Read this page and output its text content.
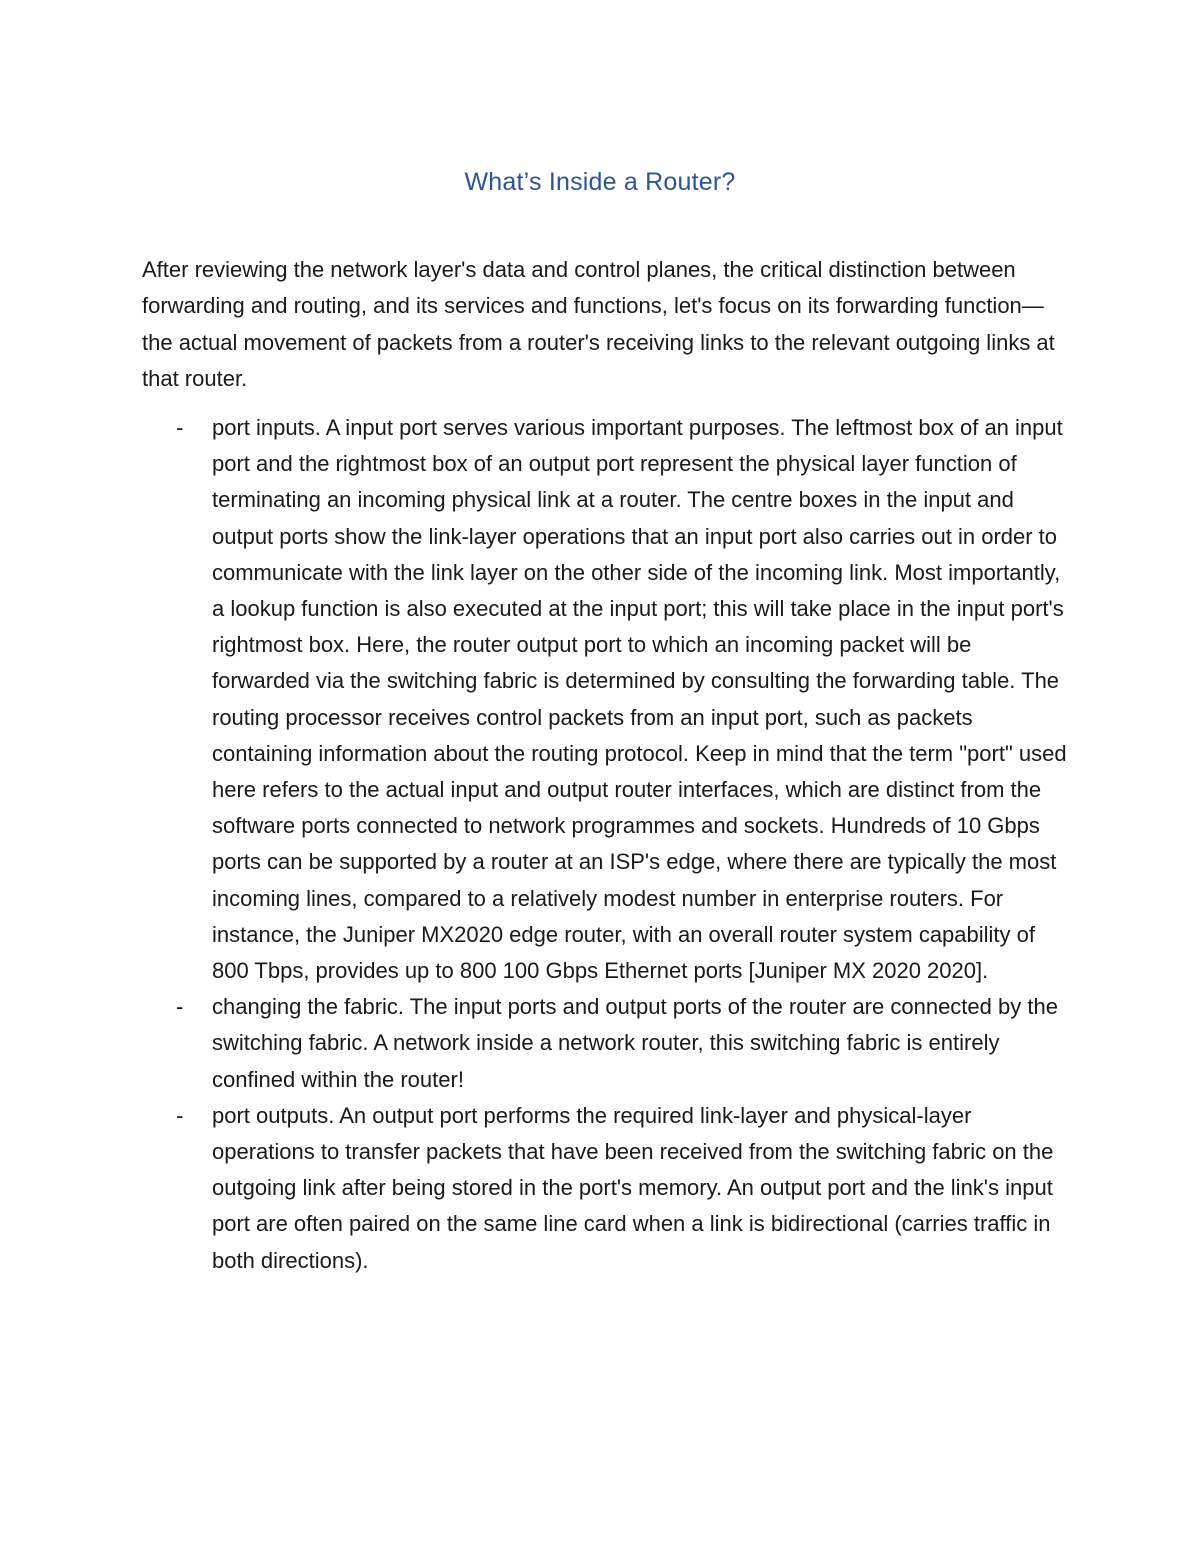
What’s Inside a Router?

After reviewing the network layer's data and control planes, the critical distinction between forwarding and routing, and its services and functions, let's focus on its forwarding function—the actual movement of packets from a router's receiving links to the relevant outgoing links at that router.

-	port inputs. A input port serves various important purposes. The leftmost box of an input port and the rightmost box of an output port represent the physical layer function of terminating an incoming physical link at a router. The centre boxes in the input and output ports show the link-layer operations that an input port also carries out in order to communicate with the link layer on the other side of the incoming link. Most importantly, a lookup function is also executed at the input port; this will take place in the input port's rightmost box. Here, the router output port to which an incoming packet will be forwarded via the switching fabric is determined by consulting the forwarding table. The routing processor receives control packets from an input port, such as packets containing information about the routing protocol. Keep in mind that the term "port" used here refers to the actual input and output router interfaces, which are distinct from the software ports connected to network programmes and sockets. Hundreds of 10 Gbps ports can be supported by a router at an ISP's edge, where there are typically the most incoming lines, compared to a relatively modest number in enterprise routers. For instance, the Juniper MX2020 edge router, with an overall router system capability of 800 Tbps, provides up to 800 100 Gbps Ethernet ports [Juniper MX 2020 2020].
-	changing the fabric. The input ports and output ports of the router are connected by the switching fabric. A network inside a network router, this switching fabric is entirely confined within the router!
-	port outputs. An output port performs the required link-layer and physical-layer operations to transfer packets that have been received from the switching fabric on the outgoing link after being stored in the port's memory. An output port and the link's input port are often paired on the same line card when a link is bidirectional (carries traffic in both directions).
